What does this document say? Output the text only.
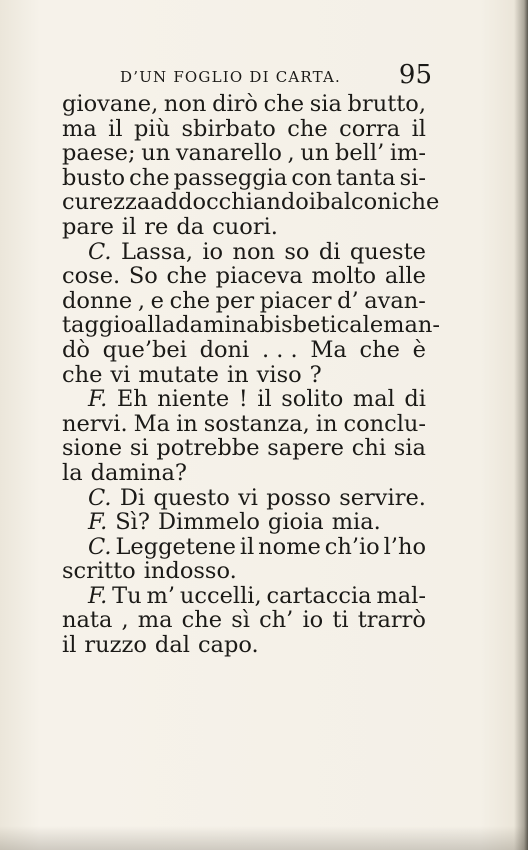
D’UN FOGLIO DI CARTA. 95
giovane, non dirò che sia brutto,
ma il più sbirbato che corra il
paese; un vanarello , un bell’ im-
busto che passeggia con tanta si-
curezza addocchiando i balconi che
pare il re da cuori.
C. Lassa, io non so di queste
cose. So che piaceva molto alle
donne , e che per piacer d’ avan-
taggio alla damina bisbetica le man-
dò que’bei doni . . . Ma che è
che vi mutate in viso ?
F. Eh niente ! il solito mal di
nervi. Ma in sostanza, in conclu-
sione si potrebbe sapere chi sia
la damina?
C. Di questo vi posso servire.
F. Sì? Dimmelo gioia mia.
C. Leggetene il nome ch’io l’ho
scritto indosso.
F. Tu m’ uccelli, cartaccia mal-
nata , ma che sì ch’ io ti trarrò
il ruzzo dal capo.
